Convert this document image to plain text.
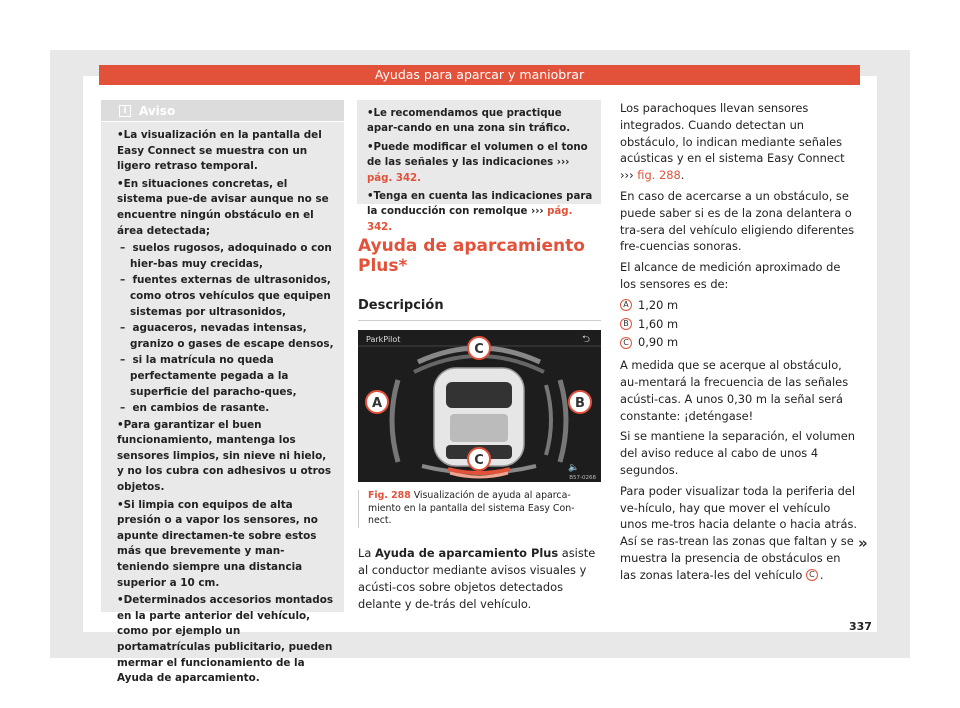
Ayudas para aparcar y maniobrar
i	Aviso

• La visualización en la pantalla del Easy Connect se muestra con un ligero retraso temporal.

• En situaciones concretas, el sistema pue-de avisar aunque no se encuentre ningún obstáculo en el área detectada;

–  suelos rugosos, adoquinado o con hier-bas muy crecidas,

–  fuentes externas de ultrasonidos, como otros vehículos que equipen sistemas por ultrasonidos,

–  aguaceros, nevadas intensas, granizo o gases de escape densos,

–  si la matrícula no queda perfectamente pegada a la superficie del paracho-ques,

–  en cambios de rasante.

• Para garantizar el buen funcionamiento, mantenga los sensores limpios, sin nieve ni hielo, y no los cubra con adhesivos u otros objetos.

• Si limpia con equipos de alta presión o a vapor los sensores, no apunte directamen-te sobre estos más que brevemente y man-teniendo siempre una distancia superior a 10 cm.

• Determinados accesorios montados en la parte anterior del vehículo, como por ejemplo un portamatrículas publicitario, pueden mermar el funcionamiento de la Ayuda de aparcamiento.

• Le recomendamos que practique apar-cando en una zona sin tráfico.

• Puede modificar el volumen o el tono de las señales y las indicaciones ››› pág. 342.

• Tenga en cuenta las indicaciones para la conducción con remolque ››› pág. 342.

Ayuda de aparcamiento
Plus*
Descripción
ParkPilot	⮌
C
A	B
C	🔈
B57-0268
Fig. 288 Visualización de ayuda al aparca-miento en la pantalla del sistema Easy Con-nect.
La Ayuda de aparcamiento Plus asiste al conductor mediante avisos visuales y acústi-cos sobre objetos detectados delante y de-trás del vehículo.

Los parachoques llevan sensores integrados. Cuando detectan un obstáculo, lo indican mediante señales acústicas y en el sistema Easy Connect ››› fig. 288.

En caso de acercarse a un obstáculo, se puede saber si es de la zona delantera o tra-sera del vehículo eligiendo diferentes fre-cuencias sonoras.

El alcance de medición aproximado de los sensores es de:

A 1,20 m
B 1,60 m
C 0,90 m

A medida que se acerque al obstáculo, au-mentará la frecuencia de las señales acústi-cas. A unos 0,30 m la señal será constante: ¡deténgase!

Si se mantiene la separación, el volumen del aviso reduce al cabo de unos 4 segundos.

Para poder visualizar toda la periferia del ve-hículo, hay que mover el vehículo unos me-tros hacia delante o hacia atrás. Así se ras-trean las zonas que faltan y se muestra la presencia de obstáculos en las zonas latera-les del vehículo C .

»
337
